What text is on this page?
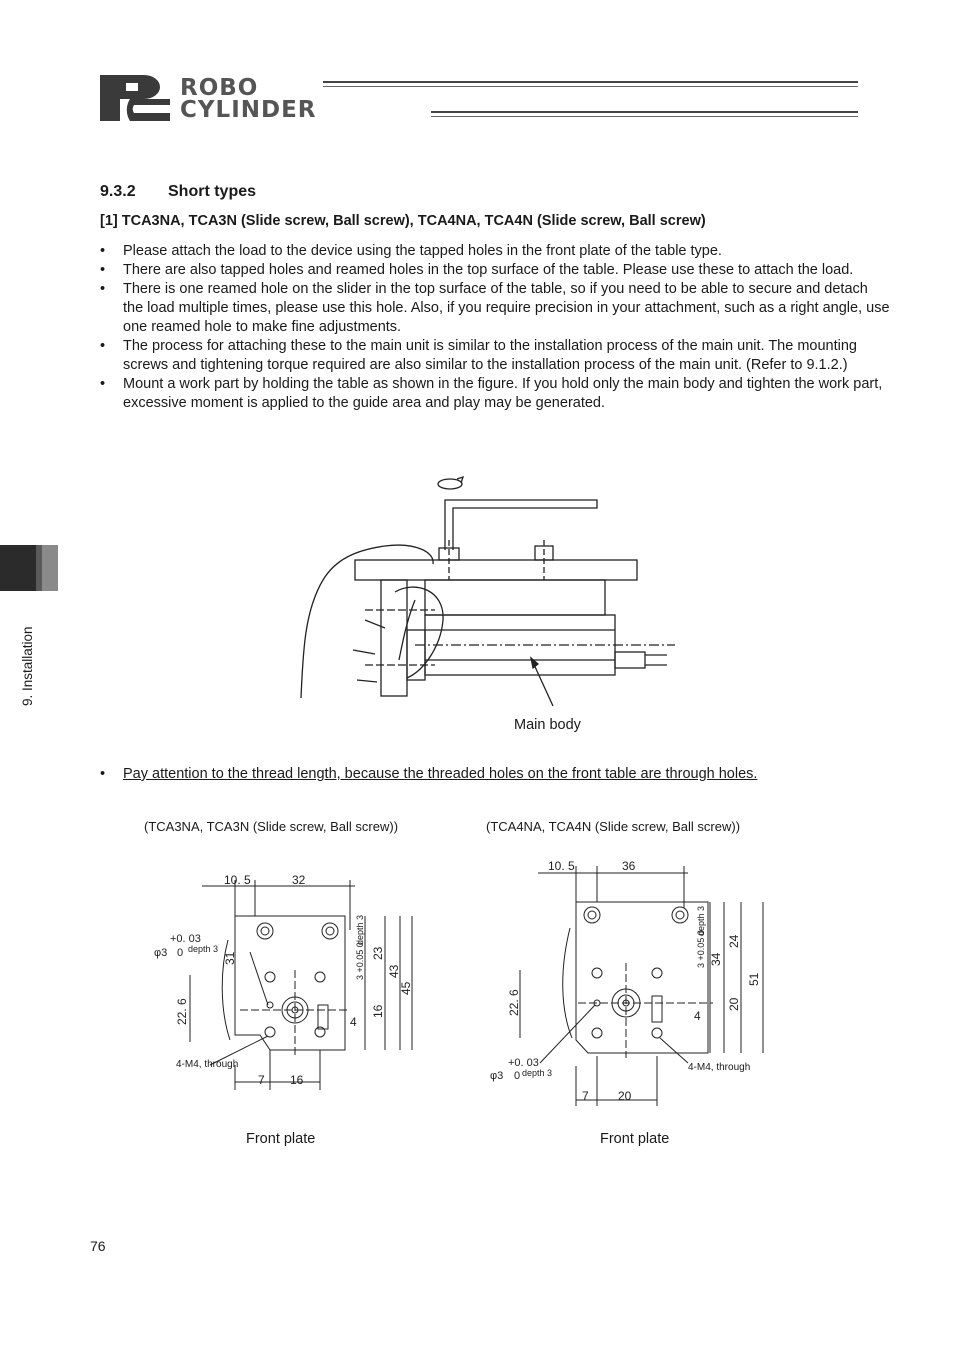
ROBO
CYLINDER
9.3.2 Short types
[1] TCA3NA, TCA3N (Slide screw, Ball screw), TCA4NA, TCA4N (Slide screw, Ball screw)
• Please attach the load to the device using the tapped holes in the front plate of the table type.
• There are also tapped holes and reamed holes in the top surface of the table. Please use these to attach the load.
• There is one reamed hole on the slider in the top surface of the table, so if you need to be able to secure and detach the load multiple times, please use this hole. Also, if you require precision in your attachment, such as a right angle, use one reamed hole to make fine adjustments.
• The process for attaching these to the main unit is similar to the installation process of the main unit. The mounting screws and tightening torque required are also similar to the installation process of the main unit. (Refer to 9.1.2.)
• Mount a work part by holding the table as shown in the figure. If you hold only the main body and tighten the work part, excessive moment is applied to the guide area and play may be generated.
Main body
• Pay attention to the thread length, because the threaded holes on the front table are through holes.
(TCA3NA, TCA3N (Slide screw, Ball screw))	(TCA4NA, TCA4N (Slide screw, Ball screw))
10. 5	32
+0. 03
φ3 0 depth 3
31
22. 6
3 +0.05 0
depth 3
23
43
45
16
4
7 16
4-M4, through
Front plate
10. 5	36
22. 6
3 +0.05 0
depth 3
34
24
51
20
4
+0. 03
φ3 0 depth 3
7 20
4-M4, through
Front plate
9. Installation
76
